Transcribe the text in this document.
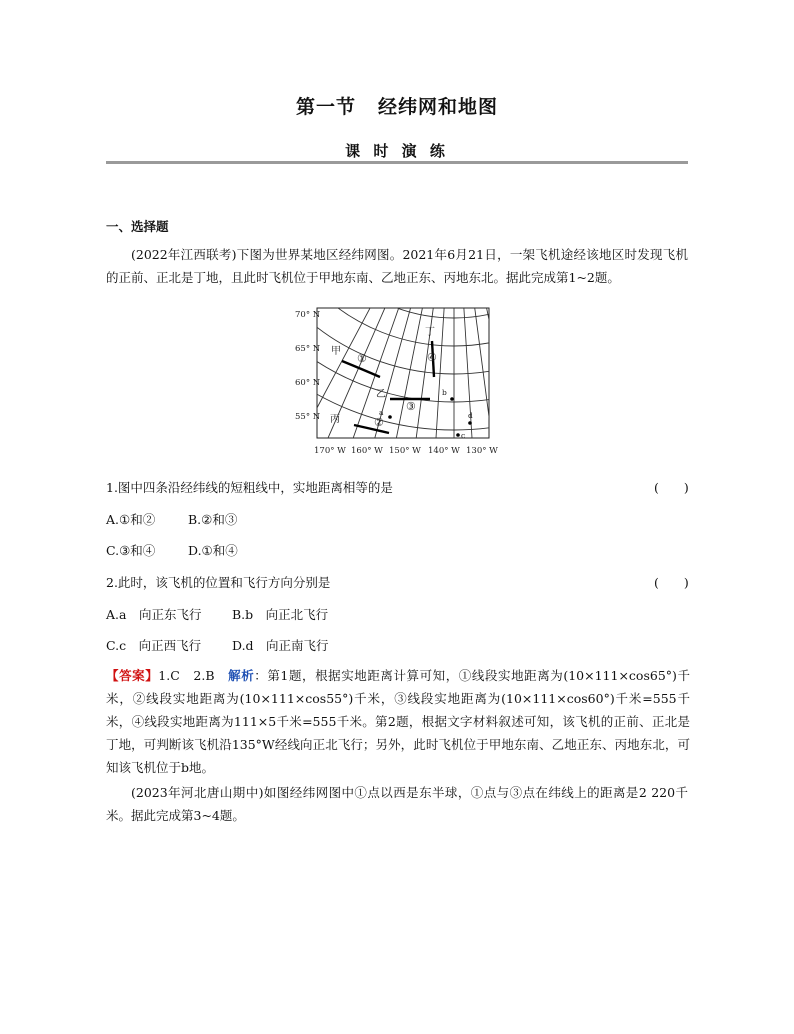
第一节 经纬网和地图
课 时 演 练
一、选择题
(2022年江西联考)下图为世界某地区经纬网图。2021年6月21日，一架飞机途经该地区时发现飞机的正前、正北是丁地，且此时飞机位于甲地东南、乙地正东、丙地东北。据此完成第1~2题。
70° N
65° N
60° N
55° N
170° W 160° W 150° W 140° W 130° W
甲
乙
丙
丁
①
②
③
④
a
b
c
d
1.图中四条沿经纬线的短粗线中，实地距离相等的是	(　　)
A.①和②	B.②和③
C.③和④	D.①和④
2.此时，该飞机的位置和飞行方向分别是	(　　)
A.a　向正东飞行 B.b　向正北飞行
C.c　向正西飞行 D.d　向正南飞行
【答案】1.C　2.B　 解析：第1题，根据实地距离计算可知，①线段实地距离为(10×111×cos65°)千米，②线段实地距离为(10×111×cos55°)千米，③线段实地距离为(10×111×cos60°)千米=555千米，④线段实地距离为111×5千米=555千米。第2题，根据文字材料叙述可知，该飞机的正前、正北是丁地，可判断该飞机沿135°W经线向正北飞行；另外，此时飞机位于甲地东南、乙地正东、丙地东北，可知该飞机位于b地。
(2023年河北唐山期中)如图经纬网图中①点以西是东半球，①点与③点在纬线上的距离是2 220千米。据此完成第3~4题。
